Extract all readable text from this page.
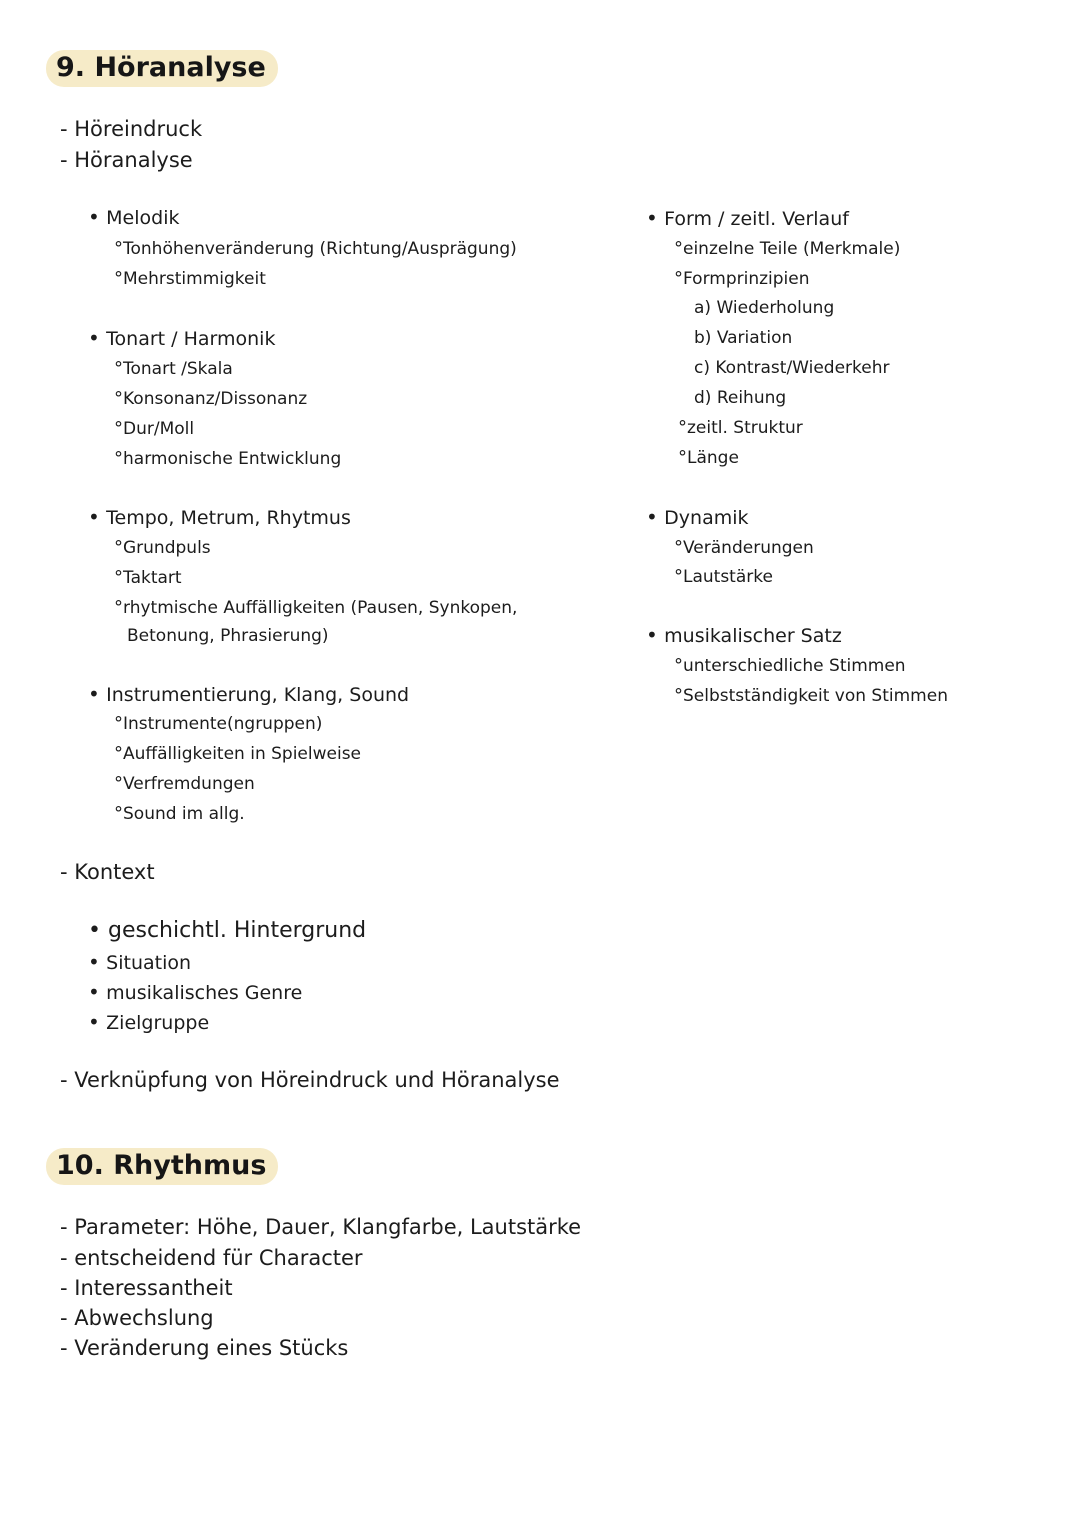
9. Höranalyse
- Höreindruck
- Höranalyse
• Melodik
° Tonhöhenveränderung (Richtung/Ausprägung)
° Mehrstimmigkeit
• Tonart / Harmonik
° Tonart /Skala
° Konsonanz/Dissonanz
° Dur/Moll
° harmonische Entwicklung
• Tempo, Metrum, Rhytmus
° Grundpuls
° Taktart
° rhytmische Auffälligkeiten (Pausen, Synkopen,
Betonung, Phrasierung)
• Instrumentierung, Klang, Sound
° Instrumente(ngruppen)
° Auffälligkeiten in Spielweise
° Verfremdungen
° Sound im allg.
• Form / zeitl. Verlauf
° einzelne Teile (Merkmale)
° Formprinzipien
a) Wiederholung
b) Variation
c) Kontrast/Wiederkehr
d) Reihung
° zeitl. Struktur
° Länge
• Dynamik
° Veränderungen
° Lautstärke
• musikalischer Satz
° unterschiedliche Stimmen
° Selbstständigkeit von Stimmen
- Kontext
• geschichtl. Hintergrund
• Situation
• musikalisches Genre
• Zielgruppe
- Verknüpfung von Höreindruck und Höranalyse
10. Rhythmus
- Parameter: Höhe, Dauer, Klangfarbe, Lautstärke
- entscheidend für Character
- Interessantheit
- Abwechslung
- Veränderung eines Stücks
